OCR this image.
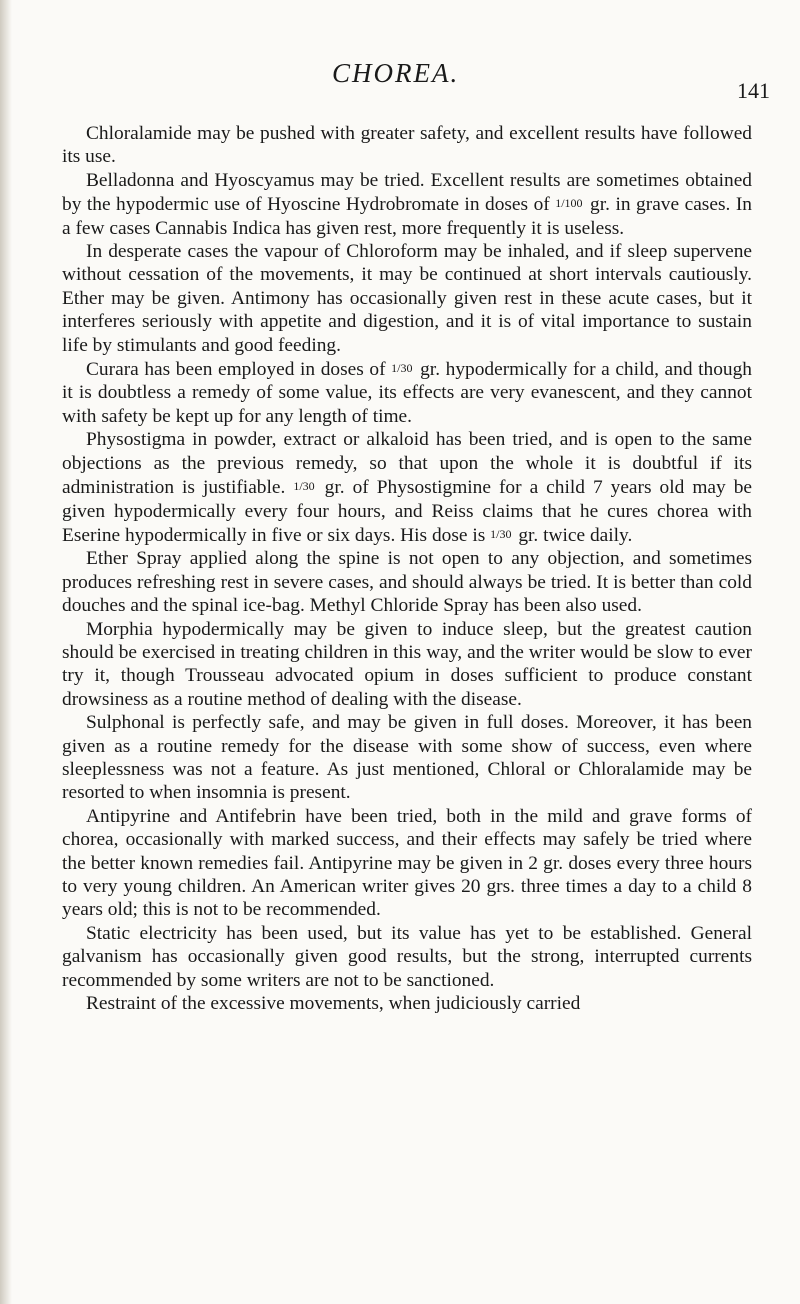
CHOREA.
141

Chloralamide may be pushed with greater safety, and excellent results have followed its use.

Belladonna and Hyoscyamus may be tried. Excellent results are sometimes obtained by the hypodermic use of Hyoscine Hydrobromate in doses of 1/100 gr. in grave cases. In a few cases Cannabis Indica has given rest, more frequently it is useless.

In desperate cases the vapour of Chloroform may be inhaled, and if sleep supervene without cessation of the movements, it may be continued at short intervals cautiously. Ether may be given. Antimony has occasionally given rest in these acute cases, but it interferes seriously with appetite and digestion, and it is of vital importance to sustain life by stimulants and good feeding.

Curara has been employed in doses of 1/30 gr. hypodermically for a child, and though it is doubtless a remedy of some value, its effects are very evanescent, and they cannot with safety be kept up for any length of time.

Physostigma in powder, extract or alkaloid has been tried, and is open to the same objections as the previous remedy, so that upon the whole it is doubtful if its administration is justifiable. 1/30 gr. of Physostigmine for a child 7 years old may be given hypodermically every four hours, and Reiss claims that he cures chorea with Eserine hypodermically in five or six days. His dose is 1/30 gr. twice daily.

Ether Spray applied along the spine is not open to any objection, and sometimes produces refreshing rest in severe cases, and should always be tried. It is better than cold douches and the spinal ice-bag. Methyl Chloride Spray has been also used.

Morphia hypodermically may be given to induce sleep, but the greatest caution should be exercised in treating children in this way, and the writer would be slow to ever try it, though Trousseau advocated opium in doses sufficient to produce constant drowsiness as a routine method of dealing with the disease.

Sulphonal is perfectly safe, and may be given in full doses. Moreover, it has been given as a routine remedy for the disease with some show of success, even where sleeplessness was not a feature. As just mentioned, Chloral or Chloralamide may be resorted to when insomnia is present.

Antipyrine and Antifebrin have been tried, both in the mild and grave forms of chorea, occasionally with marked success, and their effects may safely be tried where the better known remedies fail. Antipyrine may be given in 2 gr. doses every three hours to very young children. An American writer gives 20 grs. three times a day to a child 8 years old; this is not to be recommended.

Static electricity has been used, but its value has yet to be established. General galvanism has occasionally given good results, but the strong, interrupted currents recommended by some writers are not to be sanctioned.

Restraint of the excessive movements, when judiciously carried
